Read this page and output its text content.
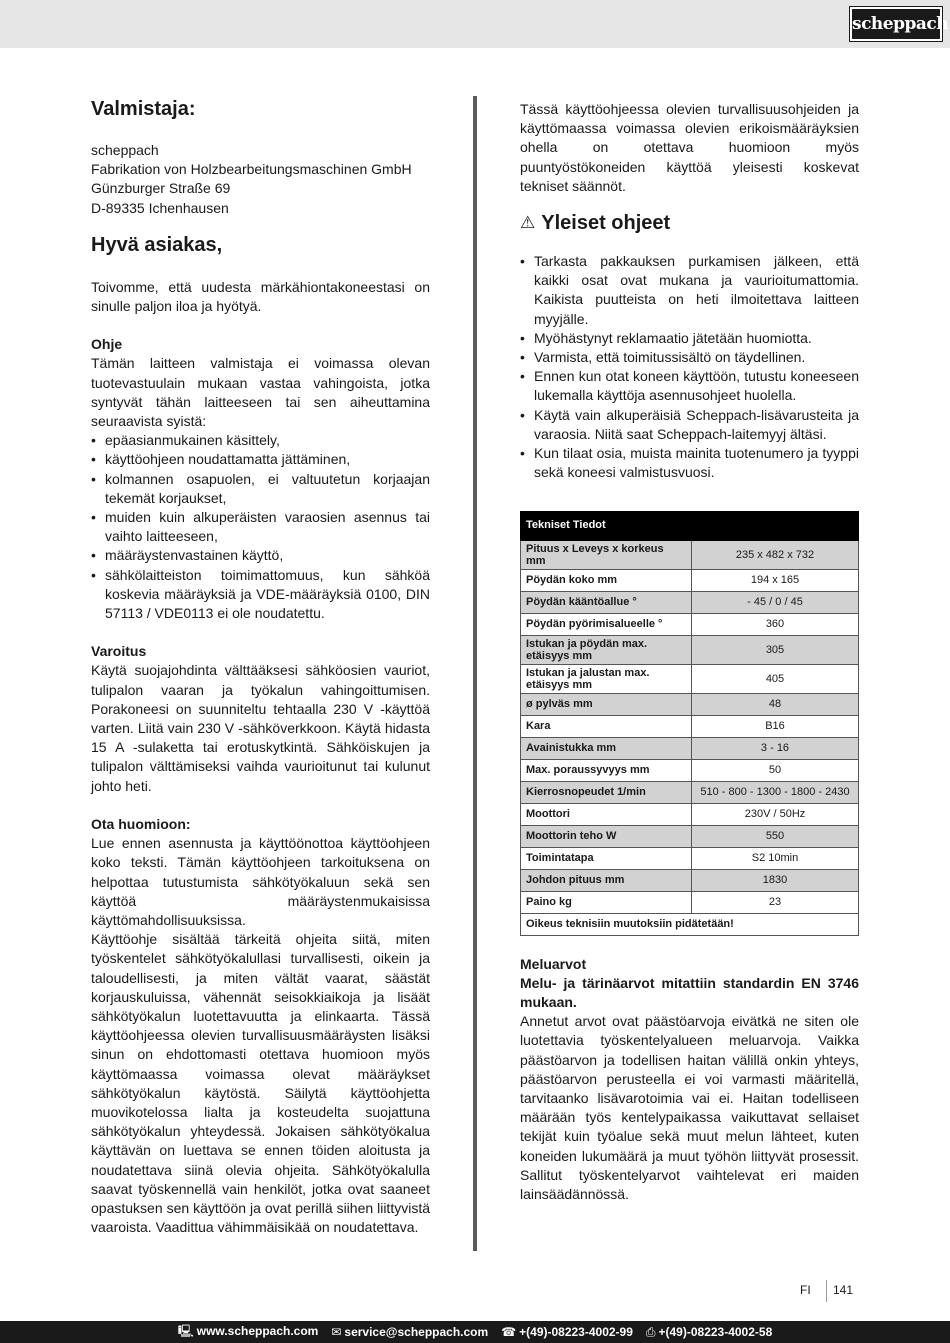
scheppach
Valmistaja:
scheppach
Fabrikation von Holzbearbeitungsmaschinen GmbH
Günzburger Straße 69
D-89335 Ichenhausen
Hyvä asiakas,

Toivomme, että uudesta märkähiontakoneestasi on sinulle paljon iloa ja hyötyä.

Ohje

Tämän laitteen valmistaja ei voimassa olevan tuotevastuulain mukaan vastaa vahingoista, jotka syntyvät tähän laitteeseen tai sen aiheuttamina seuraavista syistä:

• epäasianmukainen käsittely,
• käyttöohjeen noudattamatta jättäminen,
• kolmannen osapuolen, ei valtuutetun korjaajan tekemät korjaukset,
• muiden kuin alkuperäisten varaosien asennus tai vaihto laitteeseen,
• määräystenvastainen käyttö,
• sähkölaitteiston toimimattomuus, kun sähköä koskevia määräyksiä ja VDE-määräyksiä 0100, DIN 57113 / VDE0113 ei ole noudatettu.
Varoitus

Käytä suojajohdinta välttääksesi sähköosien vauriot, tulipalon vaaran ja työkalun vahingoittumisen. Porakoneesi on suunniteltu tehtaalla 230 V -käyttöä varten. Liitä vain 230 V -sähköverkkoon. Käytä hidasta 15 A -sulaketta tai erotuskytkintä. Sähköiskujen ja tulipalon välttämiseksi vaihda vaurioitunut tai kulunut johto heti.

Ota huomioon:

Lue ennen asennusta ja käyttöönottoa käyttöohjeen koko teksti. Tämän käyttöohjeen tarkoituksena on helpottaa tutustumista sähkötyökaluun sekä sen käyttöä määräystenmukaisissa käyttömahdollisuuksissa.

Käyttöohje sisältää tärkeitä ohjeita siitä, miten työskentelet sähkötyökalullasi turvallisesti, oikein ja taloudellisesti, ja miten vältät vaarat, säästät korjauskuluissa, vähennät seisokkiaikoja ja lisäät sähkötyökalun luotettavuutta ja elinkaarta. Tässä käyttöohjeessa olevien turvallisuusmääräysten lisäksi sinun on ehdottomasti otettava huomioon myös käyttömaassa voimassa olevat määräykset sähkötyökalun käytöstä. Säilytä käyttöohjetta muovikotelossa lialta ja kosteudelta suojattuna sähkötyökalun yhteydessä. Jokaisen sähkötyökalua käyttävän on luettava se ennen töiden aloitusta ja noudatettava siinä olevia ohjeita. Sähkötyökalulla saavat työskennellä vain henkilöt, jotka ovat saaneet opastuksen sen käyttöön ja ovat perillä siihen liittyvistä vaaroista. Vaadittua vähimmäisikää on noudatettava.

Tässä käyttöohjeessa olevien turvallisuusohjeiden ja käyttömaassa voimassa olevien erikoismääräyksien ohella on otettava huomioon myös puuntyöstökoneiden käyttöä yleisesti koskevat tekniset säännöt.

⚠ Yleiset ohjeet
• Tarkasta pakkauksen purkamisen jälkeen, että kaikki osat ovat mukana ja vaurioitumattomia. Kaikista puutteista on heti ilmoitettava laitteen myyjälle.
• Myöhästynyt reklamaatio jätetään huomiotta.
• Varmista, että toimitussisältö on täydellinen.
• Ennen kun otat koneen käyttöön, tutustu koneeseen lukemalla käyttöja asennusohjeet huolella.
• Käytä vain alkuperäisiä Scheppach-lisävarusteita ja varaosia. Niitä saat Scheppach-laitemyyj ältäsi.
• Kun tilaat osia, muista mainita tuotenumero ja tyyppi sekä koneesi valmistusvuosi.
Tekniset Tiedot	
Pituus x Leveys x korkeus mm	235 x 482 x 732
Pöydän koko mm	194 x 165
Pöydän kääntöallue °	- 45 / 0 / 45
Pöydän pyörimisalueelle °	360
Istukan ja pöydän max. etäisyys mm	305
Istukan ja jalustan max. etäisyys mm	405
ø pylväs mm	48
Kara	B16
Avainistukka mm	3 - 16
Max. poraussyvyys mm	50
Kierrosnopeudet 1/min	510 - 800 - 1300 - 1800 - 2430
Moottori	230V / 50Hz
Moottorin teho W	550
Toimintatapa	S2 10min
Johdon pituus mm	1830
Paino kg	23
Oikeus teknisiin muutoksiin pidätetään!	
Meluarvot

Melu- ja tärinäarvot mitattiin standardin EN 3746 mukaan.

Annetut arvot ovat päästöarvoja eivätkä ne siten ole luotettavia työskentelyalueen meluarvoja. Vaikka päästöarvon ja todellisen haitan välillä onkin yhteys, päästöarvon perusteella ei voi varmasti määritellä, tarvitaanko lisävarotoimia vai ei. Haitan todelliseen määrään työs kentelypaikassa vaikuttavat sellaiset tekijät kuin työalue sekä muut melun lähteet, kuten koneiden lukumäärä ja muut työhön liittyvät prosessit. Sallitut työskentelyarvot vaihtelevat eri maiden lainsäädännössä.

FI 141
🖳 www.scheppach.com ✉ service@scheppach.com ☎ +(49)-08223-4002-99 ⎙ +(49)-08223-4002-58
